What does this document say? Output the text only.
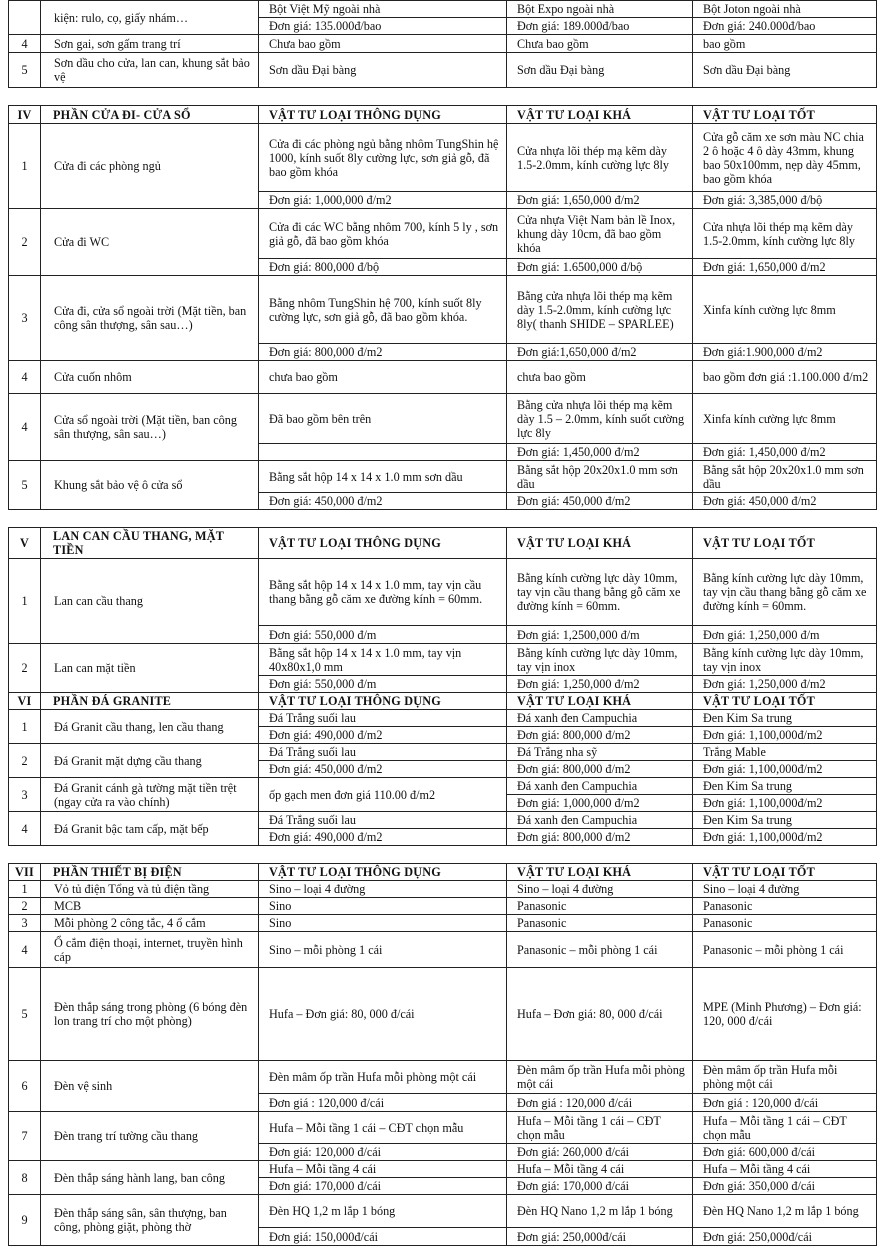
	kiện: rulo, cọ, giấy nhám…	Bột Việt Mỹ ngoài nhà	Bột Expo ngoài nhà	Bột Joton ngoài nhà
		Đơn giá: 135.000đ/bao	Đơn giá: 189.000đ/bao	Đơn giá: 240.000đ/bao
4	Sơn gai, sơn gấm trang trí	Chưa bao gồm	Chưa bao gồm	bao gồm
5	Sơn dầu cho cửa, lan can, khung sắt bảo vệ	Sơn dầu Đại bàng	Sơn dầu Đại bàng	Sơn dầu Đại bàng

IV	PHẦN CỬA ĐI- CỬA SỔ	VẬT TƯ LOẠI THÔNG DỤNG	VẬT TƯ LOẠI KHÁ	VẬT TƯ LOẠI TỐT
1	Cửa đi các phòng ngủ	Cửa đi các phòng ngủ bằng nhôm TungShin hệ 1000, kính suốt 8ly cường lực, sơn giả gỗ, đã bao gồm khóa	Cửa nhựa lõi thép mạ kẽm dày 1.5-2.0mm, kính cường lực 8ly	Cửa gỗ căm xe sơn màu NC chia 2 ô hoặc 4 ô dày 43mm, khung bao 50x100mm, nẹp dày 45mm, bao gồm khóa
		Đơn giá: 1,000,000 đ/m2	Đơn giá: 1,650,000 đ/m2	Đơn giá: 3,385,000 đ/bộ
2	Cửa đi WC	Cửa đi các WC bằng nhôm 700, kính 5 ly , sơn giả gỗ, đã bao gồm khóa	Cửa nhựa Việt Nam bản lề Inox, khung dày 10cm, đã bao gồm khóa	Cửa nhựa lõi thép mạ kẽm dày 1.5-2.0mm, kính cường lực 8ly
		Đơn giá: 800,000 đ/bộ	Đơn giá: 1.6500,000 đ/bộ	Đơn giá: 1,650,000 đ/m2
3	Cửa đi, cửa sổ ngoài trời (Mặt tiền, ban công sân thượng, sân sau…)	Bằng nhôm TungShin hệ 700, kính suốt 8ly cường lực, sơn giả gỗ, đã bao gồm khóa.	Bằng cửa nhựa lõi thép mạ kẽm dày 1.5-2.0mm, kính cường lực 8ly( thanh SHIDE – SPARLEE)	Xinfa kính cường lực 8mm
		Đơn giá: 800,000 đ/m2	Đơn giá:1,650,000 đ/m2	Đơn giá:1.900,000 đ/m2
4	Cửa cuốn nhôm	chưa bao gồm	chưa bao gồm	bao gồm đơn giá :1.100.000 đ/m2
4	Cửa sổ ngoài trời (Mặt tiền, ban công sân thượng, sân sau…)	Đã bao gồm bên trên	Bằng cửa nhựa lõi thép mạ kẽm dày 1.5 – 2.0mm, kính suốt cường lực 8ly	Xinfa kính cường lực 8mm
			Đơn giá: 1,450,000 đ/m2	Đơn giá: 1,450,000 đ/m2
5	Khung sắt bảo vệ ô cửa sổ	Bằng sắt hộp 14 x 14 x 1.0 mm sơn dầu	Bằng sắt hộp 20x20x1.0 mm sơn dầu	Bằng sắt hộp 20x20x1.0 mm sơn dầu
		Đơn giá: 450,000 đ/m2	Đơn giá: 450,000 đ/m2	Đơn giá: 450,000 đ/m2

V	LAN CAN CẦU THANG, MẶT TIỀN	VẬT TƯ LOẠI THÔNG DỤNG	VẬT TƯ LOẠI KHÁ	VẬT TƯ LOẠI TỐT
1	Lan can cầu thang	Bằng sắt hộp 14 x 14 x 1.0 mm, tay vịn cầu thang bằng gỗ căm xe đường kính = 60mm.	Bằng kính cường lực dày 10mm, tay vịn cầu thang bằng gỗ căm xe đường kính = 60mm.	Bằng kính cường lực dày 10mm, tay vịn cầu thang bằng gỗ căm xe đường kính = 60mm.
		Đơn giá: 550,000 đ/m	Đơn giá: 1,2500,000 đ/m	Đơn giá: 1,250,000 đ/m
2	Lan can mặt tiền	Bằng sắt hộp 14 x 14 x 1.0 mm, tay vịn 40x80x1,0 mm	Bằng kính cường lực dày 10mm, tay vịn inox	Bằng kính cường lực dày 10mm, tay vịn inox
		Đơn giá: 550,000 đ/m	Đơn giá: 1,250,000 đ/m2	Đơn giá: 1,250,000 đ/m2
VI	PHẦN ĐÁ GRANITE	VẬT TƯ LOẠI THÔNG DỤNG	VẬT TƯ LOẠI KHÁ	VẬT TƯ LOẠI TỐT
1	Đá Granit cầu thang, len cầu thang	Đá Trắng suối lau	Đá xanh đen Campuchia	Đen Kim Sa trung
		Đơn giá: 490,000 đ/m2	Đơn giá: 800,000 đ/m2	Đơn giá: 1,100,000đ/m2
2	Đá Granit mặt dựng cầu thang	Đá Trắng suối lau	Đá Trắng nha sỹ	Trắng Mable
		Đơn giá: 450,000 đ/m2	Đơn giá: 800,000 đ/m2	Đơn giá: 1,100,000đ/m2
3	Đá Granit cánh gà tường mặt tiền trệt (ngay cửa ra vào chính)	ốp gạch men đơn giá 110.00 đ/m2	Đá xanh đen Campuchia	Đen Kim Sa trung
			Đơn giá: 1,000,000 đ/m2	Đơn giá: 1,100,000đ/m2
4	Đá Granit bậc tam cấp, mặt bếp	Đá Trắng suối lau	Đá xanh đen Campuchia	Đen Kim Sa trung
		Đơn giá: 490,000 đ/m2	Đơn giá: 800,000 đ/m2	Đơn giá: 1,100,000đ/m2

VII	PHẦN THIẾT BỊ ĐIỆN	VẬT TƯ LOẠI THÔNG DỤNG	VẬT TƯ LOẠI KHÁ	VẬT TƯ LOẠI TỐT
1	Vỏ tủ điện Tổng và tủ điện tầng	Sino – loại 4 đường	Sino – loại 4 đường	Sino – loại 4 đường
2	MCB	Sino	Panasonic	Panasonic
3	Mỗi phòng 2 công tắc, 4 ổ cắm	Sino	Panasonic	Panasonic
4	Ổ cắm điện thoại, internet, truyền hình cáp	Sino – mỗi phòng 1 cái	Panasonic – mỗi phòng 1 cái	Panasonic – mỗi phòng 1 cái
5	Đèn thắp sáng trong phòng (6 bóng đèn lon trang trí cho một phòng)	Hufa – Đơn giá: 80, 000 đ/cái	Hufa – Đơn giá: 80, 000 đ/cái	MPE (Minh Phương) – Đơn giá: 120, 000 đ/cái
6	Đèn vệ sinh	Đèn mâm ốp trần Hufa mỗi phòng một cái	Đèn mâm ốp trần Hufa mỗi phòng một cái	Đèn mâm ốp trần Hufa mỗi phòng một cái
		Đơn giá : 120,000 đ/cái	Đơn giá : 120,000 đ/cái	Đơn giá : 120,000 đ/cái
7	Đèn trang trí tường cầu thang	Hufa – Mỗi tầng 1 cái – CĐT chọn mẫu	Hufa – Mỗi tầng 1 cái – CĐT chọn mẫu	Hufa – Mỗi tầng 1 cái – CĐT chọn mẫu
		Đơn giá: 120,000 đ/cái	Đơn giá: 260,000 đ/cái	Đơn giá: 600,000 đ/cái
8	Đèn thắp sáng hành lang, ban công	Hufa – Mỗi tầng 4 cái	Hufa – Mỗi tầng 4 cái	Hufa – Mỗi tầng 4 cái
		Đơn giá: 170,000 đ/cái	Đơn giá: 170,000 đ/cái	Đơn giá: 350,000 đ/cái
9	Đèn thắp sáng sân, sân thượng, ban công, phòng giặt, phòng thờ	Đèn HQ 1,2 m lắp 1 bóng	Đèn HQ Nano 1,2 m lắp 1 bóng	Đèn HQ Nano 1,2 m lắp 1 bóng
		Đơn giá: 150,000đ/cái	Đơn giá: 250,000đ/cái	Đơn giá: 250,000đ/cái
